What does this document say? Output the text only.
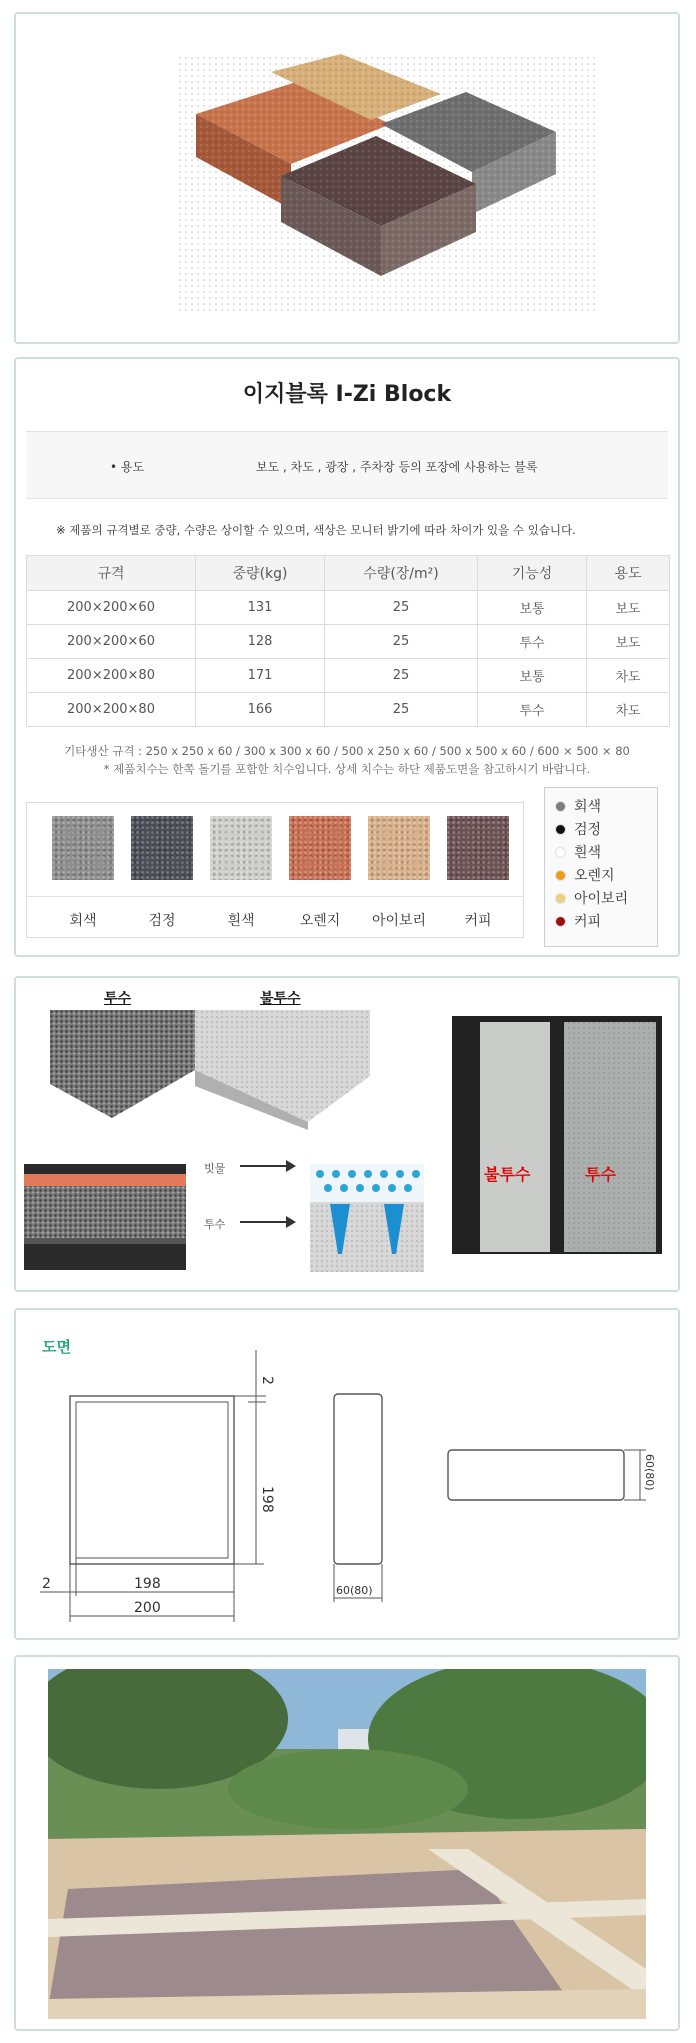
이지블록 I-Zi Block
• 용도	보도 , 차도 , 광장 , 주차장 등의 포장에 사용하는 블록
※ 제품의 규격별로 중량, 수량은 상이할 수 있으며, 색상은 모니터 밝기에 따라 차이가 있을 수 있습니다.
규격	중량(kg)	수량(장/m²)	기능성	용도
200×200×60	131	25	보통	보도
200×200×60	128	25	투수	보도
200×200×80	171	25	보통	차도
200×200×80	166	25	투수	차도
기타생산 규격 : 250 x 250 x 60 / 300 x 300 x 60 / 500 x 250 x 60 / 500 x 500 x 60 / 600 × 500 × 80
* 제품치수는 한쪽 돌기를 포함한 치수입니다. 상세 치수는 하단 제품도면을 참고하시기 바랍니다.
회색	검정	흰색	오렌지	아이보리	커피
회색
검정
흰색
오렌지
아이보리
커피
투수	불투수
빗물
투수
불투수	투수
도면
2
198
2	198
200
60(80)
60(80)
